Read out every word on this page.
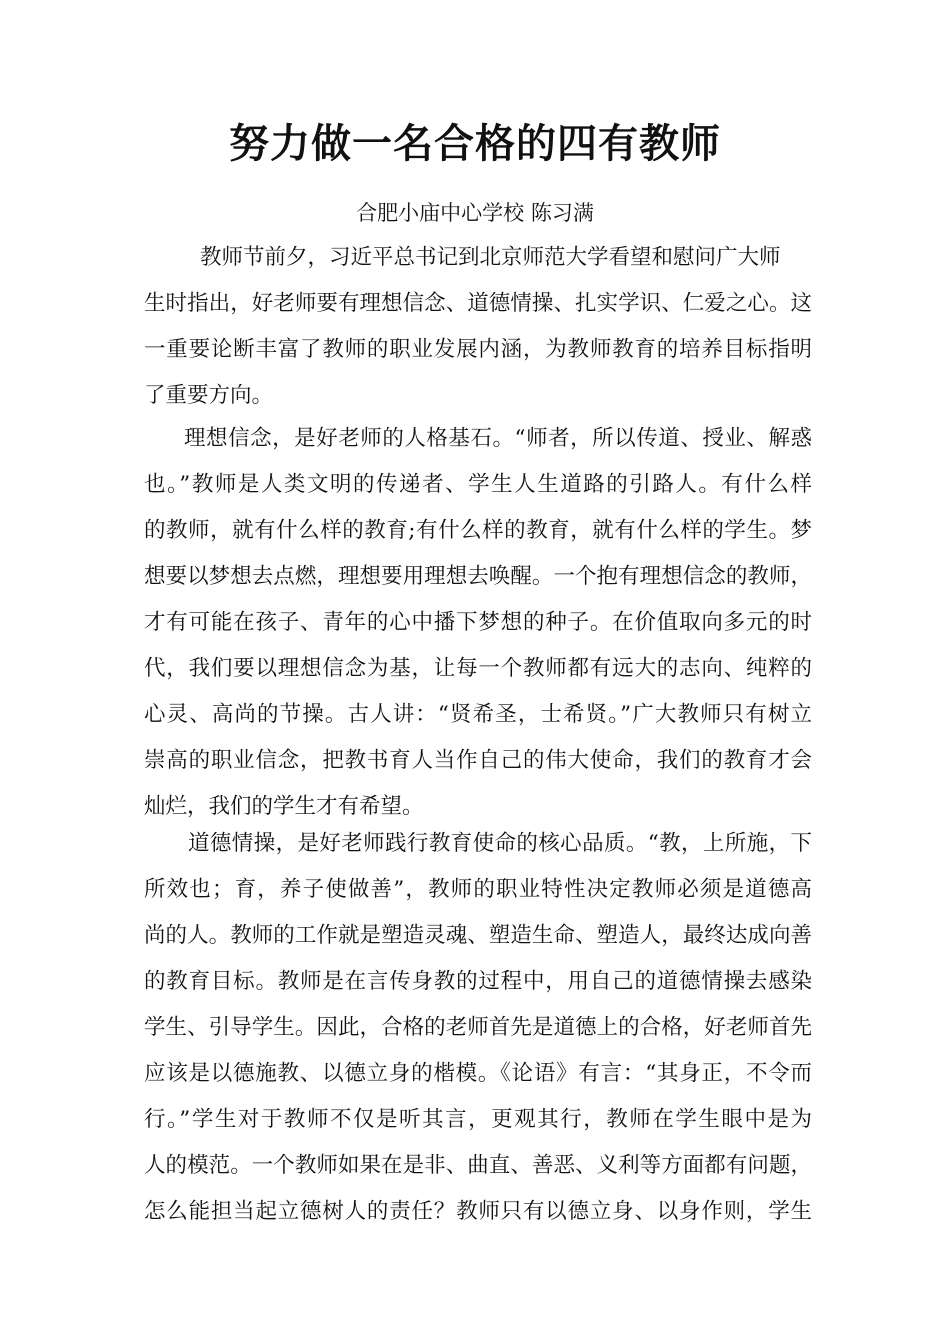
努力做一名合格的四有教师
合肥小庙中心学校 陈习满
教师节前夕，习近平总书记到北京师范大学看望和慰问广大师
生时指出，好老师要有理想信念、道德情操、扎实学识、仁爱之心。这
一重要论断丰富了教师的职业发展内涵，为教师教育的培养目标指明
了重要方向。
理想信念，是好老师的人格基石。“师者，所以传道、授业、解惑
也。”教师是人类文明的传递者、学生人生道路的引路人。有什么样
的教师，就有什么样的教育;有什么样的教育，就有什么样的学生。梦
想要以梦想去点燃，理想要用理想去唤醒。一个抱有理想信念的教师，
才有可能在孩子、青年的心中播下梦想的种子。在价值取向多元的时
代，我们要以理想信念为基，让每一个教师都有远大的志向、纯粹的
心灵、高尚的节操。古人讲：“贤希圣，士希贤。”广大教师只有树立
崇高的职业信念，把教书育人当作自己的伟大使命，我们的教育才会
灿烂，我们的学生才有希望。
道德情操，是好老师践行教育使命的核心品质。“教，上所施，下
所效也；育，养子使做善”，教师的职业特性决定教师必须是道德高
尚的人。教师的工作就是塑造灵魂、塑造生命、塑造人，最终达成向善
的教育目标。教师是在言传身教的过程中，用自己的道德情操去感染
学生、引导学生。因此，合格的老师首先是道德上的合格，好老师首先
应该是以德施教、以德立身的楷模。《论语》有言：“其身正，不令而
行。”学生对于教师不仅是听其言，更观其行，教师在学生眼中是为
人的模范。一个教师如果在是非、曲直、善恶、义利等方面都有问题，
怎么能担当起立德树人的责任？教师只有以德立身、以身作则，学生
